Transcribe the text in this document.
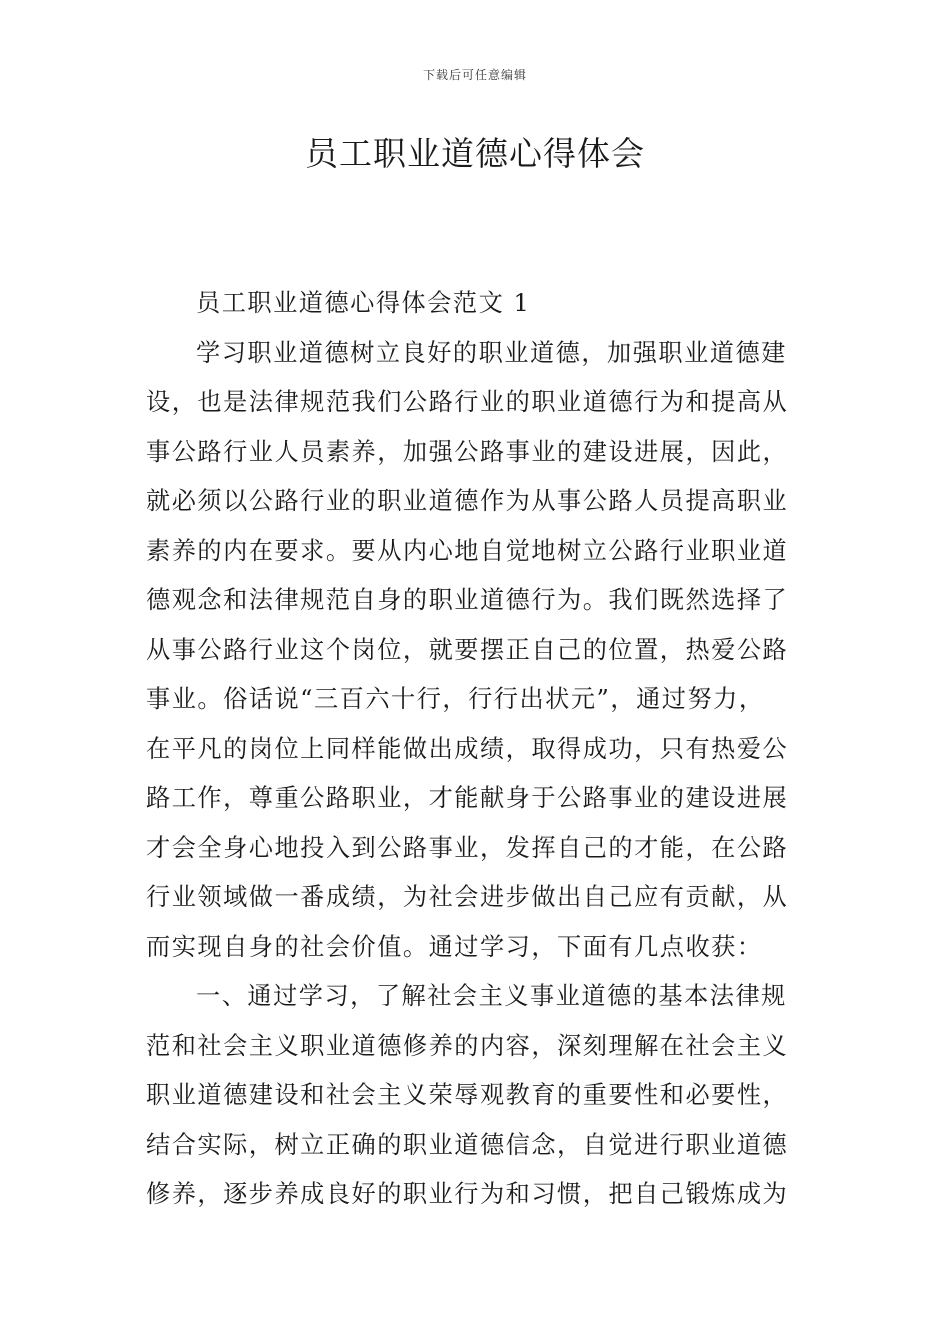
下载后可任意编辑
员工职业道德心得体会
员工职业道德心得体会范文 1
学习职业道德树立良好的职业道德，加强职业道德建
设，也是法律规范我们公路行业的职业道德行为和提高从
事公路行业人员素养，加强公路事业的建设进展，因此，
就必须以公路行业的职业道德作为从事公路人员提高职业
素养的内在要求。要从内心地自觉地树立公路行业职业道
德观念和法律规范自身的职业道德行为。我们既然选择了
从事公路行业这个岗位，就要摆正自己的位置，热爱公路
事业。俗话说“三百六十行，行行出状元”，通过努力，
在平凡的岗位上同样能做出成绩，取得成功，只有热爱公
路工作，尊重公路职业，才能献身于公路事业的建设进展
才会全身心地投入到公路事业，发挥自己的才能，在公路
行业领域做一番成绩，为社会进步做出自己应有贡献，从
而实现自身的社会价值。通过学习，下面有几点收获：
一、通过学习，了解社会主义事业道德的基本法律规
范和社会主义职业道德修养的内容，深刻理解在社会主义
职业道德建设和社会主义荣辱观教育的重要性和必要性，
结合实际，树立正确的职业道德信念，自觉进行职业道德
修养，逐步养成良好的职业行为和习惯，把自己锻炼成为
